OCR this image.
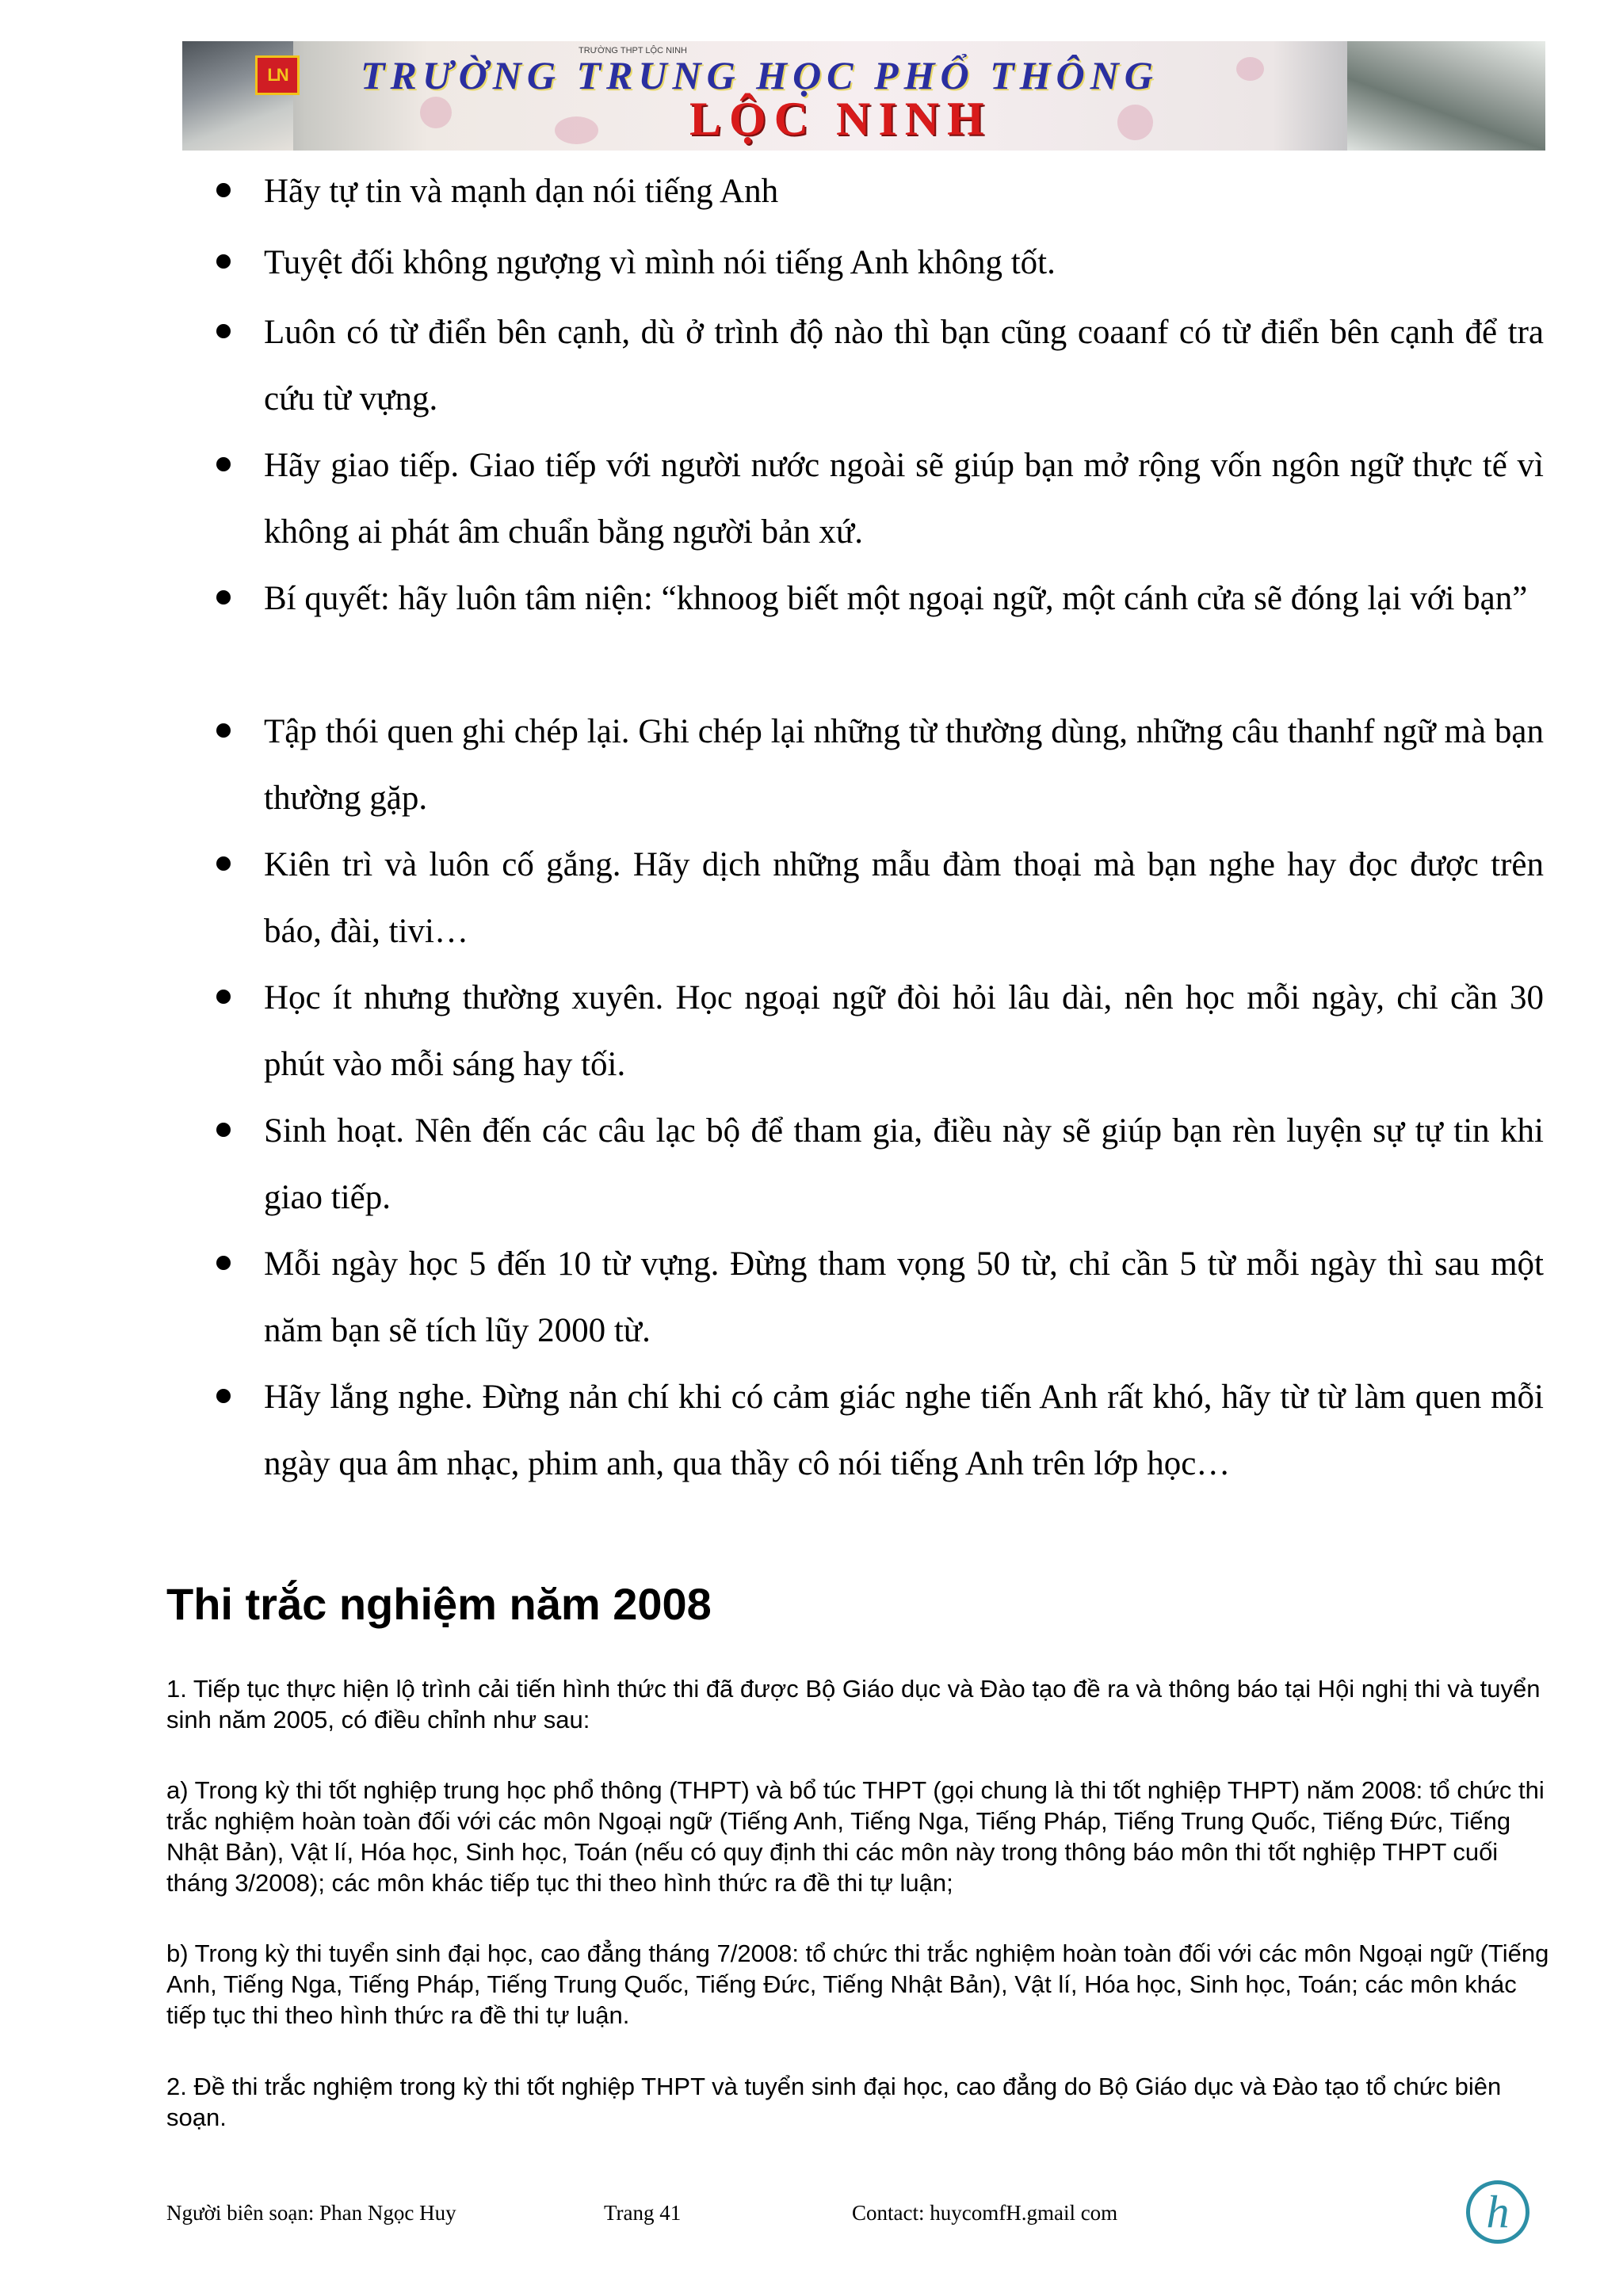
LN
TRƯỜNG THPT LỘC NINH
TRƯỜNG TRUNG HỌC PHỔ THÔNG
LỘC NINH
Hãy tự tin và mạnh dạn nói tiếng Anh
Tuyệt đối không ngượng vì mình nói tiếng Anh không tốt.
Luôn có từ điển bên cạnh, dù ở trình độ nào thì bạn cũng coaanf có từ điển bên cạnh để tra cứu từ vựng.
Hãy giao tiếp. Giao tiếp với người nước ngoài sẽ giúp bạn mở rộng vốn ngôn ngữ thực tế vì không ai phát âm chuẩn bằng người bản xứ.
Bí quyết: hãy luôn tâm niện: “khnoog biết một ngoại ngữ, một cánh cửa sẽ đóng lại với bạn”
Tập thói quen ghi chép lại. Ghi chép lại những từ thường dùng, những câu thanhf ngữ mà bạn thường gặp.
Kiên trì và luôn cố gắng. Hãy dịch những mẫu đàm thoại mà bạn nghe hay đọc được trên báo, đài, tivi…
Học ít nhưng thường xuyên. Học ngoại ngữ đòi hỏi lâu dài, nên học mỗi ngày, chỉ cần 30 phút vào mỗi sáng hay tối.
Sinh hoạt. Nên đến các câu lạc bộ để tham gia, điều này sẽ giúp bạn rèn luyện sự tự tin khi giao tiếp.
Mỗi ngày học 5 đến 10 từ vựng. Đừng tham vọng 50 từ, chỉ cần 5 từ mỗi ngày thì sau một năm bạn sẽ tích lũy 2000 từ.
Hãy lắng nghe. Đừng nản chí khi có cảm giác nghe tiến Anh rất khó, hãy từ từ làm quen mỗi ngày qua âm nhạc, phim anh, qua thầy cô nói tiếng Anh trên lớp học…
Thi trắc nghiệm năm 2008
1. Tiếp tục thực hiện lộ trình cải tiến hình thức thi đã được Bộ Giáo dục và Đào tạo đề ra và thông báo tại Hội nghị thi và tuyển sinh năm 2005, có điều chỉnh như sau:
a) Trong kỳ thi tốt nghiệp trung học phổ thông (THPT) và bổ túc THPT (gọi chung là thi tốt nghiệp THPT) năm 2008: tổ chức thi trắc nghiệm hoàn toàn đối với các môn Ngoại ngữ (Tiếng Anh, Tiếng Nga, Tiếng Pháp, Tiếng Trung Quốc, Tiếng Đức, Tiếng Nhật Bản), Vật lí, Hóa học, Sinh học, Toán (nếu có quy định thi các môn này trong thông báo môn thi tốt nghiệp THPT cuối tháng 3/2008); các môn khác tiếp tục thi theo hình thức ra đề thi tự luận;
b) Trong kỳ thi tuyển sinh đại học, cao đẳng tháng 7/2008: tổ chức thi trắc nghiệm hoàn toàn đối với các môn Ngoại ngữ (Tiếng Anh, Tiếng Nga, Tiếng Pháp, Tiếng Trung Quốc, Tiếng Đức, Tiếng Nhật Bản), Vật lí, Hóa học, Sinh học, Toán; các môn khác tiếp tục thi theo hình thức ra đề thi tự luận.
2. Đề thi trắc nghiệm trong kỳ thi tốt nghiệp THPT và tuyển sinh đại học, cao đẳng do Bộ Giáo dục và Đào tạo tổ chức biên soạn.
Người biên soạn: Phan Ngọc Huy	Trang 41	Contact: huycomfH.gmail com	h
